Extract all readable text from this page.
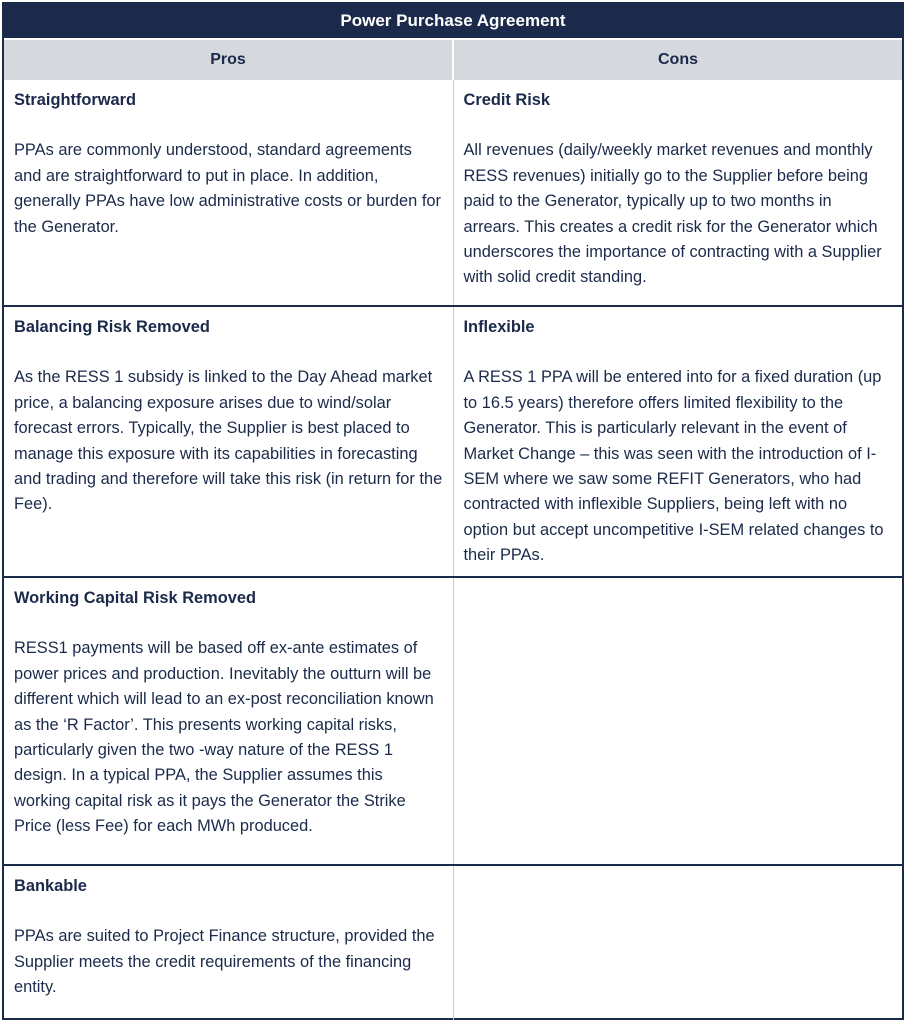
Power Purchase Agreement
Pros	Cons
Straightforward
PPAs are commonly understood, standard agreements and are straightforward to put in place. In addition, generally PPAs have low administrative costs or burden for the Generator.
Credit Risk
All revenues (daily/weekly market revenues and monthly RESS revenues) initially go to the Supplier before being paid to the Generator, typically up to two months in arrears. This creates a credit risk for the Generator which underscores the importance of contracting with a Supplier with solid credit standing.
Balancing Risk Removed
As the RESS 1 subsidy is linked to the Day Ahead market price, a balancing exposure arises due to wind/solar forecast errors. Typically, the Supplier is best placed to manage this exposure with its capabilities in forecasting and trading and therefore will take this risk (in return for the Fee).
Inflexible
A RESS 1 PPA will be entered into for a fixed duration (up to 16.5 years) therefore offers limited flexibility to the Generator. This is particularly relevant in the event of Market Change – this was seen with the introduction of I-SEM where we saw some REFIT Generators, who had contracted with inflexible Suppliers, being left with no option but accept uncompetitive I-SEM related changes to their PPAs.
Working Capital Risk Removed
RESS1 payments will be based off ex-ante estimates of power prices and production. Inevitably the outturn will be different which will lead to an ex-post reconciliation known as the ‘R Factor’. This presents working capital risks, particularly given the two -way nature of the RESS 1 design. In a typical PPA, the Supplier assumes this working capital risk as it pays the Generator the Strike Price (less Fee) for each MWh produced.
Bankable
PPAs are suited to Project Finance structure, provided the Supplier meets the credit requirements of the financing entity.
